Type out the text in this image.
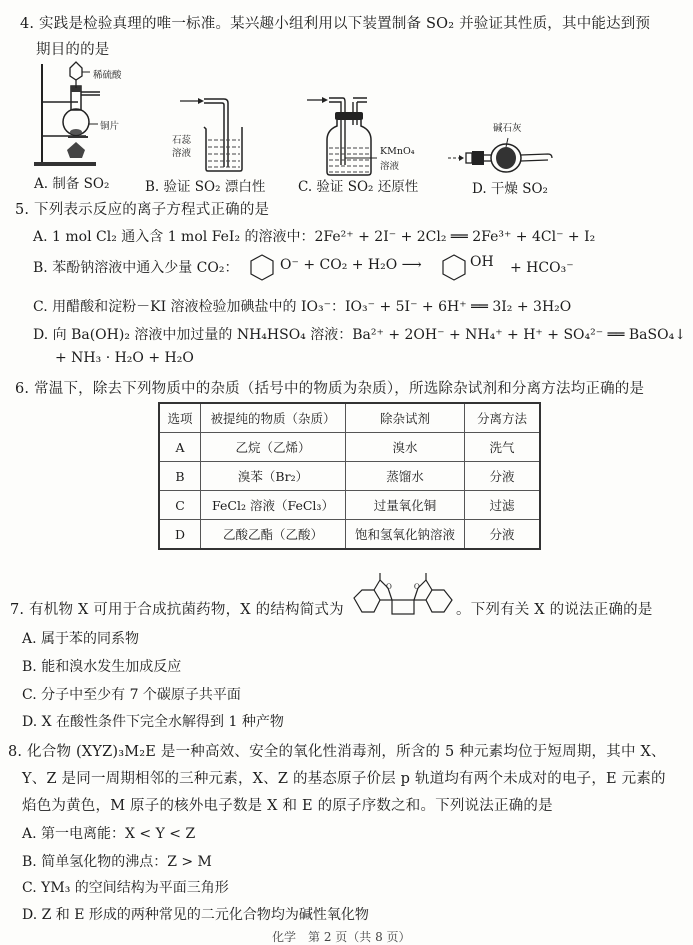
4. 实践是检验真理的唯一标准。某兴趣小组利用以下装置制备 SO₂ 并验证其性质，其中能达到预
期目的的是
稀硫酸
铜片
A. 制备 SO₂
石蕊
溶液
B. 验证 SO₂ 漂白性
KMnO₄
溶液
C. 验证 SO₂ 还原性
碱石灰
D. 干燥 SO₂
5. 下列表示反应的离子方程式正确的是
A. 1 mol Cl₂ 通入含 1 mol FeI₂ 的溶液中：2Fe²⁺ + 2I⁻ + 2Cl₂ ══ 2Fe³⁺ + 4Cl⁻ + I₂
B. 苯酚钠溶液中通入少量 CO₂：	O⁻ + CO₂ + H₂O ⟶	OH + HCO₃⁻
C. 用醋酸和淀粉－KI 溶液检验加碘盐中的 IO₃⁻：IO₃⁻ + 5I⁻ + 6H⁺ ══ 3I₂ + 3H₂O
D. 向 Ba(OH)₂ 溶液中加过量的 NH₄HSO₄ 溶液：Ba²⁺ + 2OH⁻ + NH₄⁺ + H⁺ + SO₄²⁻ ══ BaSO₄↓
+ NH₃ · H₂O + H₂O
6. 常温下，除去下列物质中的杂质（括号中的物质为杂质），所选除杂试剂和分离方法均正确的是
选项	被提纯的物质（杂质）	除杂试剂	分离方法
A	乙烷（乙烯）	溴水	洗气
B	溴苯（Br₂）	蒸馏水	分液
C	FeCl₂ 溶液（FeCl₃）	过量氧化铜	过滤
D	乙酸乙酯（乙酸）	饱和氢氧化钠溶液	分液
7. 有机物 X 可用于合成抗菌药物，X 的结构简式为
O	O
。下列有关 X 的说法正确的是
A. 属于苯的同系物
B. 能和溴水发生加成反应
C. 分子中至少有 7 个碳原子共平面
D. X 在酸性条件下完全水解得到 1 种产物
8. 化合物 (XYZ)₃M₂E 是一种高效、安全的氧化性消毒剂，所含的 5 种元素均位于短周期，其中 X、
Y、Z 是同一周期相邻的三种元素，X、Z 的基态原子价层 p 轨道均有两个未成对的电子，E 元素的
焰色为黄色，M 原子的核外电子数是 X 和 E 的原子序数之和。下列说法正确的是
A. 第一电离能：X < Y < Z
B. 简单氢化物的沸点：Z > M
C. YM₃ 的空间结构为平面三角形
D. Z 和 E 形成的两种常见的二元化合物均为碱性氧化物
化学　第 2 页（共 8 页）
